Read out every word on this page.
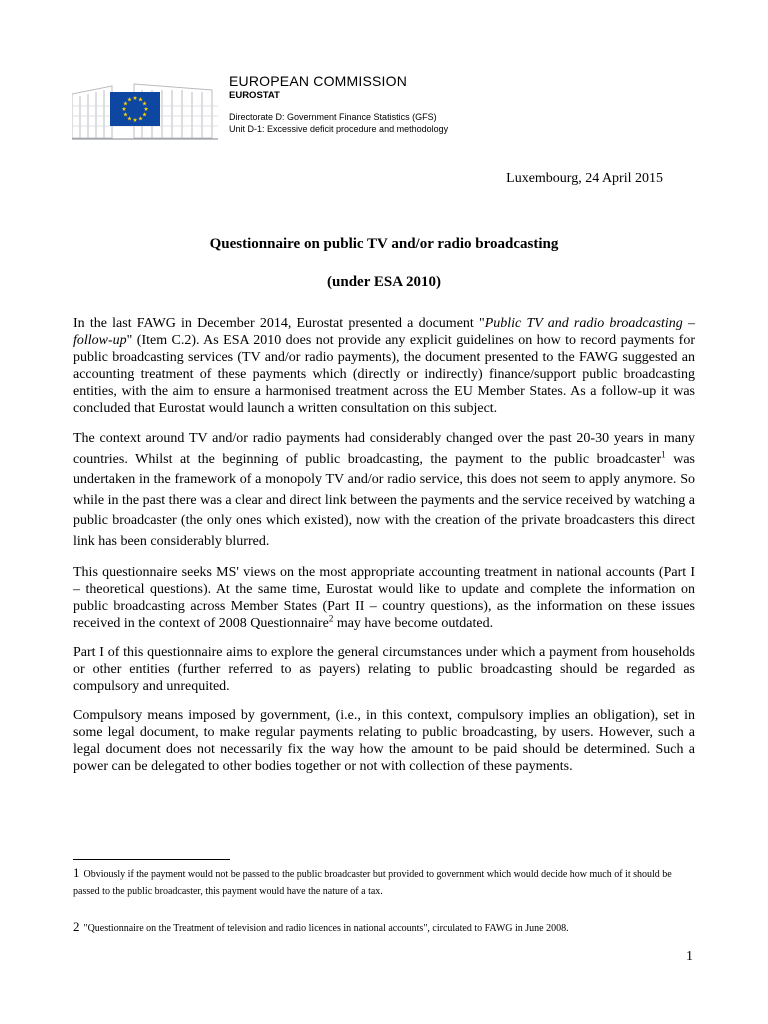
EUROPEAN COMMISSION
EUROSTAT
Directorate D: Government Finance Statistics (GFS)
Unit D-1: Excessive deficit procedure and methodology
Luxembourg, 24 April 2015
Questionnaire on public TV and/or radio broadcasting
(under ESA 2010)

In the last FAWG in December 2014, Eurostat presented a document "Public TV and radio broadcasting – follow-up" (Item C.2). As ESA 2010 does not provide any explicit guidelines on how to record payments for public broadcasting services (TV and/or radio payments), the document presented to the FAWG suggested an accounting treatment of these payments which (directly or indirectly) finance/support public broadcasting entities, with the aim to ensure a harmonised treatment across the EU Member States. As a follow-up it was concluded that Eurostat would launch a written consultation on this subject.

The context around TV and/or radio payments had considerably changed over the past 20-30 years in many countries. Whilst at the beginning of public broadcasting, the payment to the public broadcaster$^1$ was undertaken in the framework of a monopoly TV and/or radio service, this does not seem to apply anymore. So while in the past there was a clear and direct link between the payments and the service received by watching a public broadcaster (the only ones which existed), now with the creation of the private broadcasters this direct link has been considerably blurred.

This questionnaire seeks MS' views on the most appropriate accounting treatment in national accounts (Part I – theoretical questions). At the same time, Eurostat would like to update and complete the information on public broadcasting across Member States (Part II – country questions), as the information on these issues received in the context of 2008 Questionnaire$^2$ may have become outdated.

Part I of this questionnaire aims to explore the general circumstances under which a payment from households or other entities (further referred to as payers) relating to public broadcasting should be regarded as compulsory and unrequited.

Compulsory means imposed by government, (i.e., in this context, compulsory implies an obligation), set in some legal document, to make regular payments relating to public broadcasting, by users. However, such a legal document does not necessarily fix the way how the amount to be paid should be determined. Such a power can be delegated to other bodies together or not with collection of these payments.

1 Obviously if the payment would not be passed to the public broadcaster but provided to government which would decide how much of it should be passed to the public broadcaster, this payment would have the nature of a tax.
2 "Questionnaire on the Treatment of television and radio licences in national accounts", circulated to FAWG in June 2008.
1
